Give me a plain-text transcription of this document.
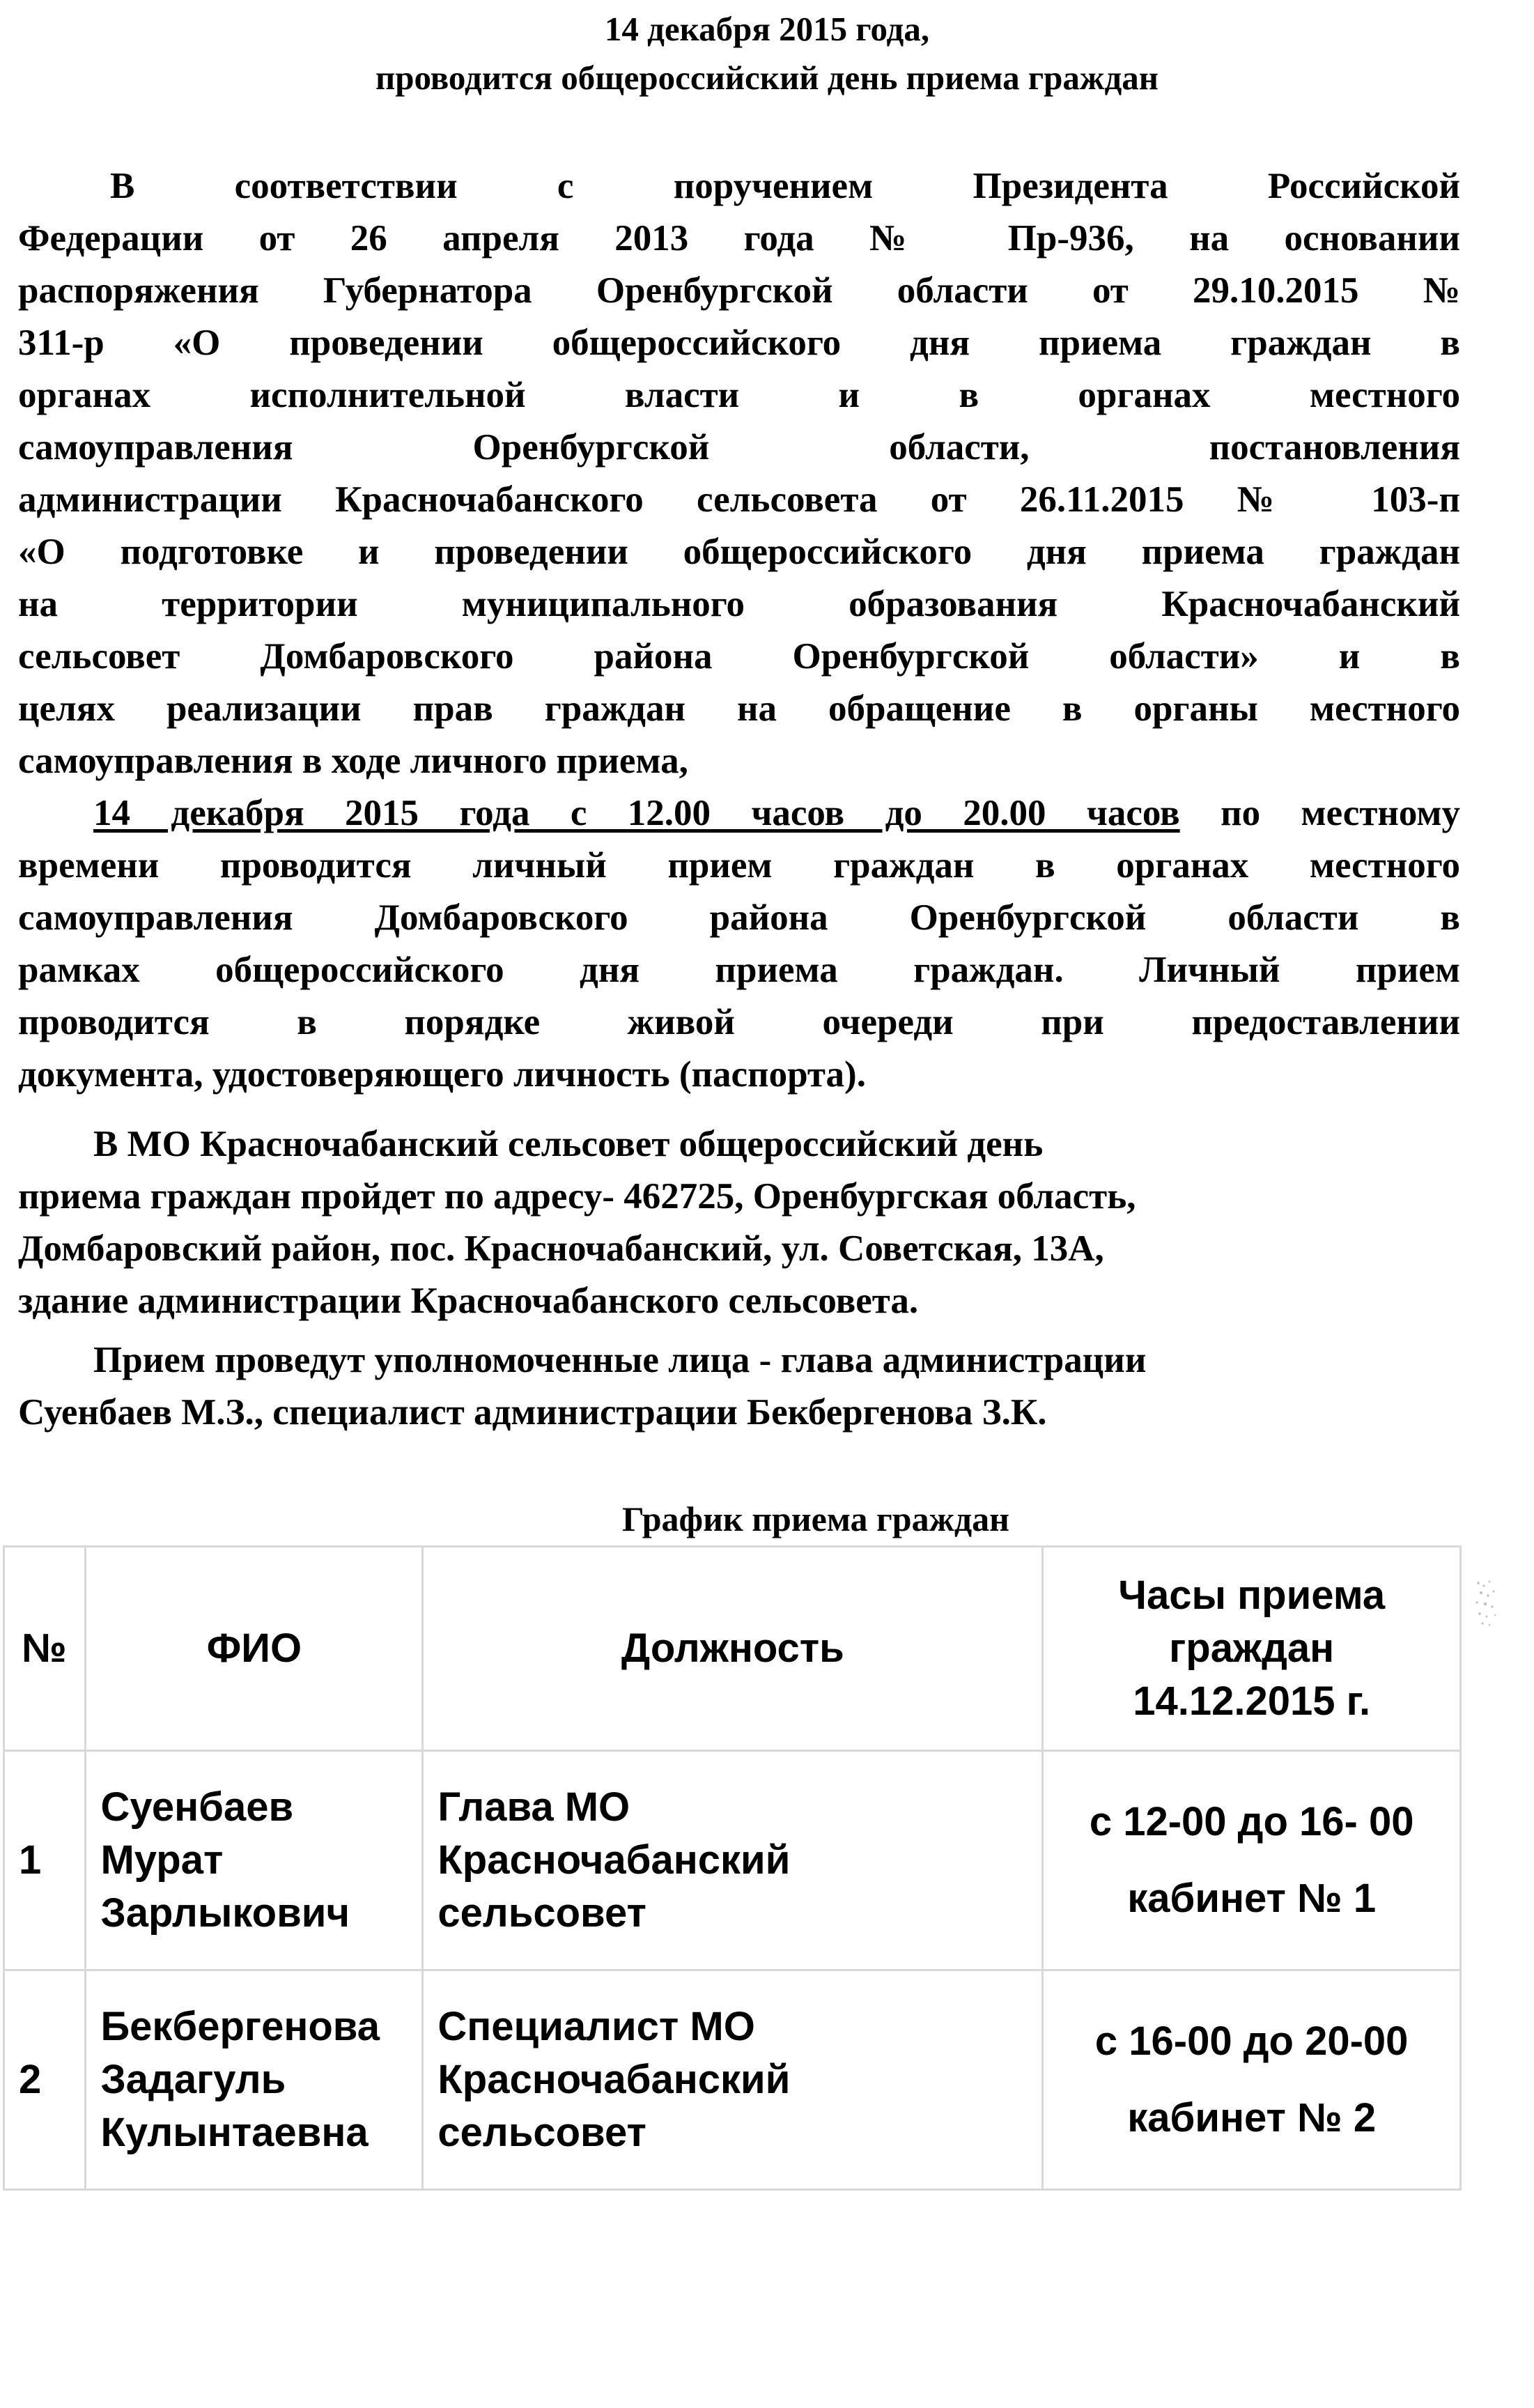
14 декабря 2015 года,
проводится общероссийский день приема граждан
В соответствии с поручением Президента Российской
Федерации от 26 апреля 2013 года № Пр-936, на основании
распоряжения Губернатора Оренбургской области от 29.10.2015 №
311-р «О проведении общероссийского дня приема граждан в
органах исполнительной власти и в органах местного
самоуправления Оренбургской области, постановления
администрации Красночабанского сельсовета от 26.11.2015 № 103-п
«О подготовке и проведении общероссийского дня приема граждан
на территории муниципального образования Красночабанский
сельсовет Домбаровского района Оренбургской области» и в
целях реализации прав граждан на обращение в органы местного
самоуправления в ходе личного приема,
14 декабря 2015 года с 12.00 часов до 20.00 часов по местному
времени проводится личный прием граждан в органах местного
самоуправления Домбаровского района Оренбургской области в
рамках общероссийского дня приема граждан. Личный прием
проводится в порядке живой очереди при предоставлении
документа, удостоверяющего личность (паспорта).
В МО Красночабанский сельсовет общероссийский день
приема граждан пройдет по адресу- 462725, Оренбургская область,
Домбаровский район, пос. Красночабанский, ул. Советская, 13А,
здание администрации Красночабанского сельсовета.
Прием проведут уполномоченные лица - глава администрации
Суенбаев М.З., специалист администрации Бекбергенова З.К.
График приема граждан
№	ФИО	Должность	Часы приема
граждан
14.12.2015 г.

1	Суенбаев
Мурат
Зарлыкович	Глава МО
Красночабанский
сельсовет	с 12-00 до 16- 00
кабинет № 1

2	Бекбергенова
Задагуль
Кулынтаевна	Специалист МО
Красночабанский
сельсовет	с 16-00 до 20-00
кабинет № 2
